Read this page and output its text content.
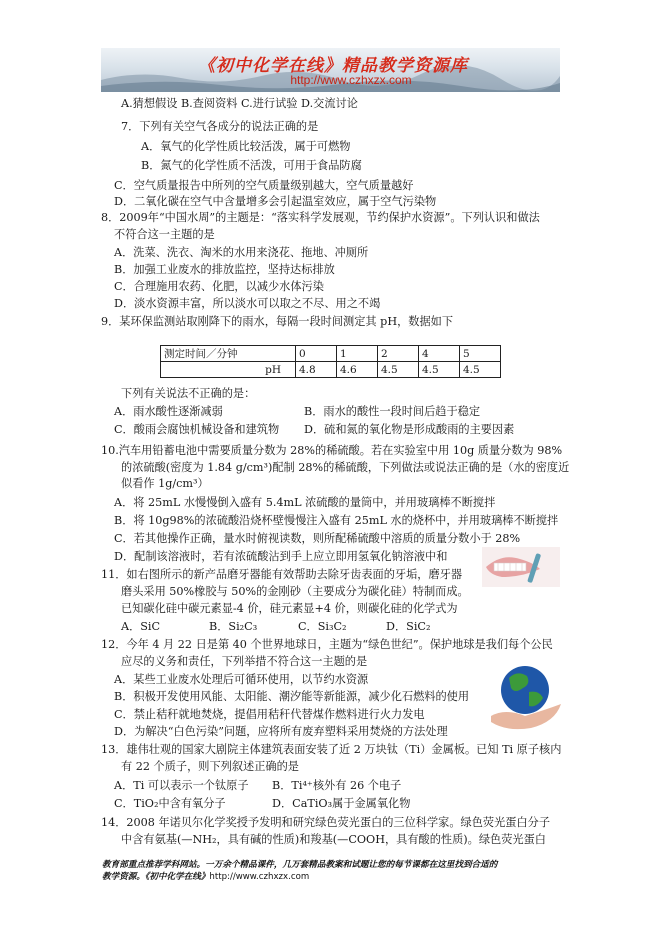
《初中化学在线》精品教学资源库
http://www.czhxzx.com
A.猜想假设 B.查阅资料 C.进行试验 D.交流讨论
7．下列有关空气各成分的说法正确的是
A．氧气的化学性质比较活泼，属于可燃物
B．氮气的化学性质不活泼，可用于食品防腐
C．空气质量报告中所列的空气质量级别越大，空气质量越好
D．二氧化碳在空气中含量增多会引起温室效应，属于空气污染物
8．2009年“中国水周”的主题是：“落实科学发展观，节约保护水资源”。下列认识和做法
不符合这一主题的是
A．洗菜、洗衣、淘米的水用来浇花、拖地、冲厕所
B．加强工业废水的排放监控，坚持达标排放
C．合理施用农药、化肥，以减少水体污染
D．淡水资源丰富，所以淡水可以取之不尽、用之不竭
9．某环保监测站取刚降下的雨水，每隔一段时间测定其 pH，数据如下
测定时间／分钟	0	1	2	4	5
pH	4.8	4.6	4.5	4.5	4.5
下列有关说法不正确的是：
A．雨水酸性逐渐减弱	B．雨水的酸性一段时间后趋于稳定
C．酸雨会腐蚀机械设备和建筑物 D．硫和氮的氧化物是形成酸雨的主要因素
10.汽车用铅蓄电池中需要质量分数为 28%的稀硫酸。若在实验室中用 10g 质量分数为 98%
的浓硫酸(密度为 1.84 g/cm³)配制 28%的稀硫酸，下列做法或说法正确的是（水的密度近
似看作 1g/cm³）
A．将 25mL 水慢慢倒入盛有 5.4mL 浓硫酸的量筒中，并用玻璃棒不断搅拌
B．将 10g98%的浓硫酸沿烧杯壁慢慢注入盛有 25mL 水的烧杯中，并用玻璃棒不断搅拌
C．若其他操作正确，量水时俯视读数，则所配稀硫酸中溶质的质量分数小于 28%
D．配制该溶液时，若有浓硫酸沾到手上应立即用氢氧化钠溶液中和
11．如右图所示的新产品磨牙器能有效帮助去除牙齿表面的牙垢，磨牙器
磨头采用 50%橡胶与 50%的金刚砂（主要成分为碳化硅）特制而成。
已知碳化硅中碳元素显-4 价，硅元素显+4 价，则碳化硅的化学式为
A．SiC	B．Si₂C₃	C．Si₃C₂	D．SiC₂
12．今年 4 月 22 日是第 40 个世界地球日，主题为“绿色世纪”。保护地球是我们每个公民
应尽的义务和责任，下列举措不符合这一主题的是
A．某些工业废水处理后可循环使用，以节约水资源
B．积极开发使用风能、太阳能、潮汐能等新能源，减少化石燃料的使用
C．禁止秸秆就地焚烧，提倡用秸秆代替煤作燃料进行火力发电
D．为解决“白色污染”问题，应将所有废弃塑料采用焚烧的方法处理
13．雄伟壮观的国家大剧院主体建筑表面安装了近 2 万块钛（Ti）金属板。已知 Ti 原子核内
有 22 个质子，则下列叙述正确的是
A．Ti 可以表示一个钛原子 B．Ti⁴⁺核外有 26 个电子
C．TiO₂中含有氧分子	D．CaTiO₃属于金属氧化物
14．2008 年诺贝尔化学奖授予发明和研究绿色荧光蛋白的三位科学家。绿色荧光蛋白分子
中含有氨基(—NH₂，具有碱的性质)和羧基(—COOH，具有酸的性质)。绿色荧光蛋白
教育部重点推荐学科网站。一万余个精品课件，几万套精品教案和试题让您的每节课都在这里找到合适的
教学资源。《初中化学在线》http://www.czhxzx.com
